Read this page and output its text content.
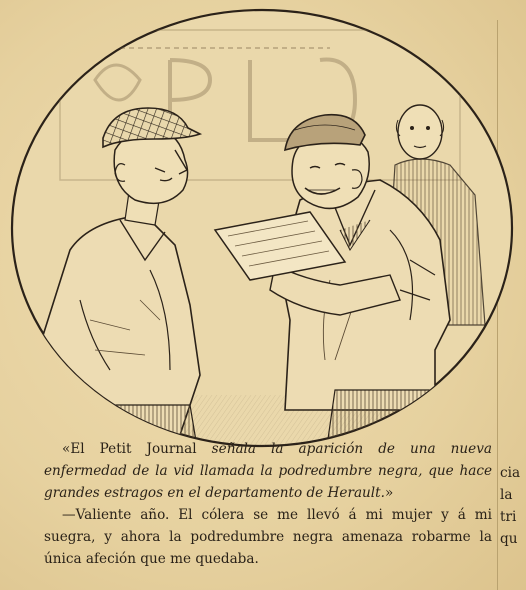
«El Petit Journal señala la aparición de una nueva enfermedad de la vid llamada la podredumbre negra, que hace grandes estragos en el departamento de Herault.»

—Valiente año. El cólera se me llevó á mi mujer y á mi suegra, y ahora la podredumbre negra amenaza robarme la única afeción que me quedaba.

cia
la
tri
qu
